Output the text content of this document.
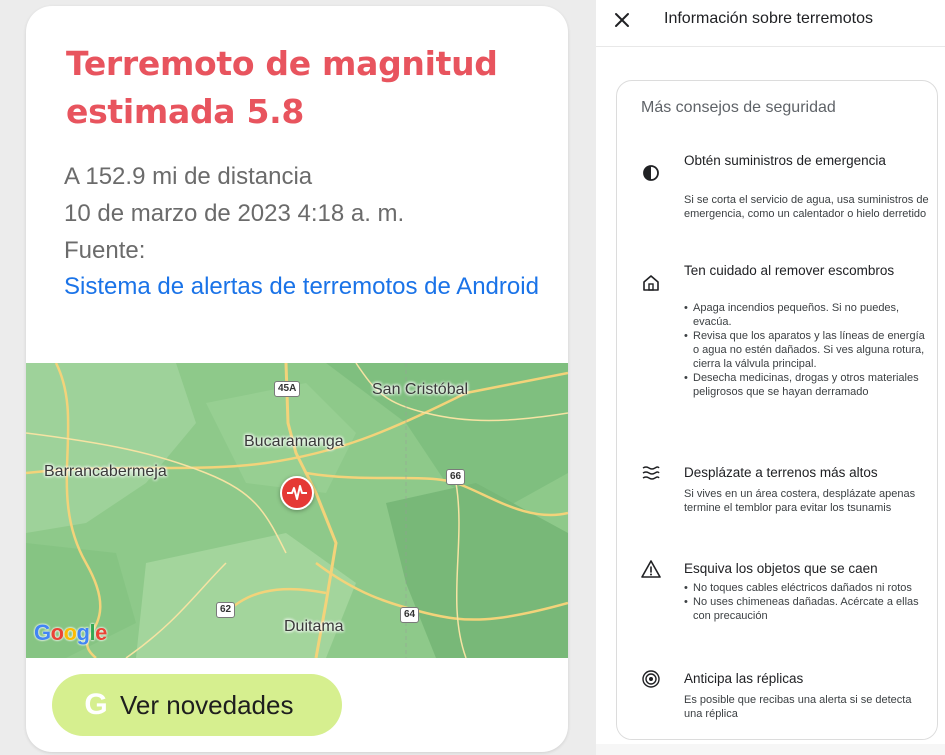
Terremoto de magnitud estimada 5.8
A 152.9 mi de distancia
10 de marzo de 2023 4:18 a. m.
Fuente:
Sistema de alertas de terremotos de Android
45A
66
62	64
San Cristóbal
Bucaramanga
Barrancabermeja
Duitama
Google
G Ver novedades
Información sobre terremotos
Más consejos de seguridad
Obtén suministros de emergencia
Si se corta el servicio de agua, usa suministros de emergencia, como un calentador o hielo derretido
Ten cuidado al remover escombros
• Apaga incendios pequeños. Si no puedes, evacúa.
• Revisa que los aparatos y las líneas de energía o agua no estén dañados. Si ves alguna rotura, cierra la válvula principal.
• Desecha medicinas, drogas y otros materiales peligrosos que se hayan derramado
Desplázate a terrenos más altos
Si vives en un área costera, desplázate apenas termine el temblor para evitar los tsunamis
Esquiva los objetos que se caen
• No toques cables eléctricos dañados ni rotos
• No uses chimeneas dañadas. Acércate a ellas con precaución
Anticipa las réplicas
Es posible que recibas una alerta si se detecta una réplica
